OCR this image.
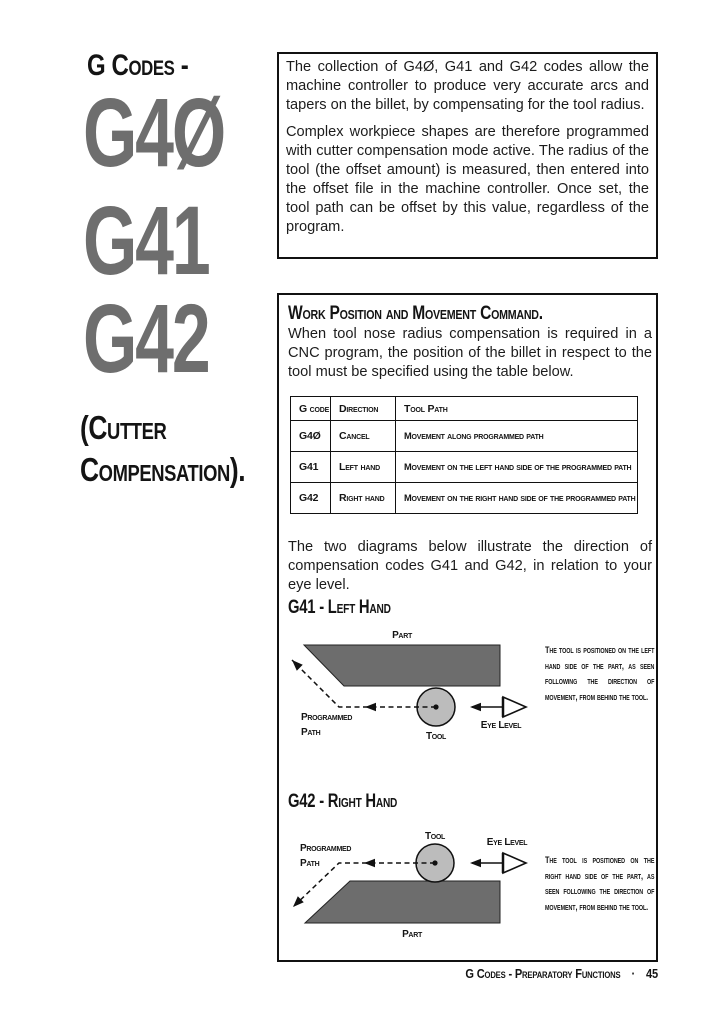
G Codes -
G4Ø
G41
G42
(Cutter
Compensation).

The collection of G4Ø, G41 and G42 codes allow the machine controller to produce very accurate arcs and tapers on the billet, by compensating for the tool radius.

Complex workpiece shapes are therefore programmed with cutter compensation mode active. The radius of the tool (the offset amount) is measured, then entered into the offset file in the machine controller. Once set, the tool path can be offset by this value, regardless of the program.

Work Position and Movement Command.

When tool nose radius compensation is required in a CNC program, the position of the billet in respect to the tool must be specified using the table below.

G code	Direction	Tool Path
G4Ø	Cancel	Movement along programmed path
G41	Left hand	Movement on the left hand side of the programmed path
G42	Right hand	Movement on the right hand side of the programmed path

The two diagrams below illustrate the direction of compensation codes G41 and G42, in relation to your eye level.

G41 - Left Hand
Part
Programmed
Path	Tool
Eye Level
The tool is positioned on the left hand side of the part, as seen following the direction of movement, from behind the tool.
G42 - Right Hand
Tool
Programmed
Path
Eye Level
Part
The tool is positioned on the right hand side of the part, as seen following the direction of movement, from behind the tool.
G Codes - Preparatory Functions · 45
